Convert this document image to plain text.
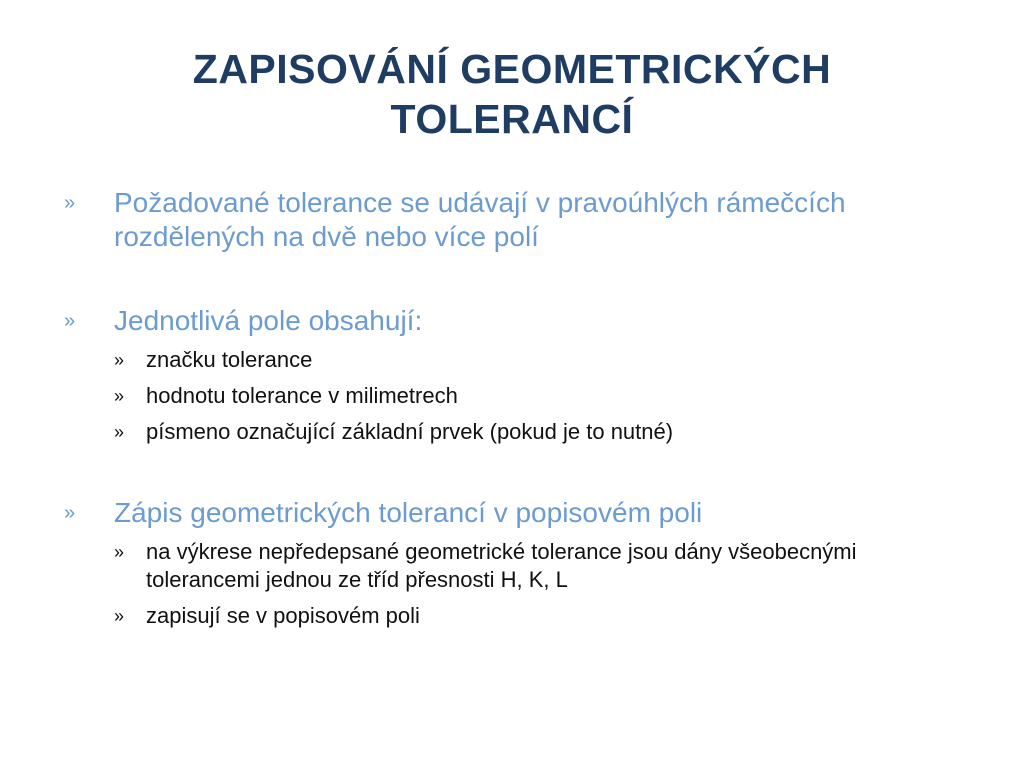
ZAPISOVÁNÍ GEOMETRICKÝCH
TOLERANCÍ
»	Požadované tolerance se udávají v pravoúhlých rámečcích rozdělených na dvě nebo více polí
»	Jednotlivá pole obsahují:
» značku tolerance
» hodnotu tolerance v milimetrech
» písmeno označující základní prvek (pokud je to nutné)
»	Zápis geometrických tolerancí v popisovém poli
» na výkrese nepředepsané geometrické tolerance jsou dány všeobecnými tolerancemi jednou ze tříd přesnosti H, K, L
» zapisují se v popisovém poli
